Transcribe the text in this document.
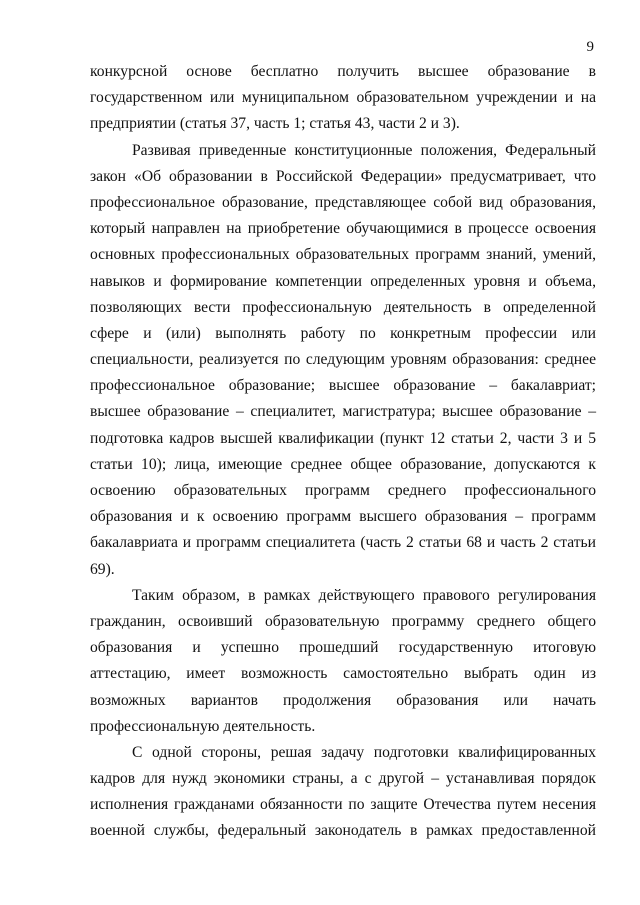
9
конкурсной основе бесплатно получить высшее образование в
государственном или муниципальном образовательном учреждении и на
предприятии (статья 37, часть 1; статья 43, части 2 и 3).
Развивая приведенные конституционные положения, Федеральный
закон «Об образовании в Российской Федерации» предусматривает, что
профессиональное образование, представляющее собой вид образования,
который направлен на приобретение обучающимися в процессе освоения
основных профессиональных образовательных программ знаний, умений,
навыков и формирование компетенции определенных уровня и объема,
позволяющих вести профессиональную деятельность в определенной
сфере и (или) выполнять работу по конкретным профессии или
специальности, реализуется по следующим уровням образования: среднее
профессиональное образование; высшее образование – бакалавриат;
высшее образование – специалитет, магистратура; высшее образование –
подготовка кадров высшей квалификации (пункт 12 статьи 2, части 3 и 5
статьи 10); лица, имеющие среднее общее образование, допускаются к
освоению образовательных программ среднего профессионального
образования и к освоению программ высшего образования – программ
бакалавриата и программ специалитета (часть 2 статьи 68 и часть 2 статьи
69).
Таким образом, в рамках действующего правового регулирования
гражданин, освоивший образовательную программу среднего общего
образования и успешно прошедший государственную итоговую
аттестацию, имеет возможность самостоятельно выбрать один из
возможных вариантов продолжения образования или начать
профессиональную деятельность.
С одной стороны, решая задачу подготовки квалифицированных
кадров для нужд экономики страны, а с другой – устанавливая порядок
исполнения гражданами обязанности по защите Отечества путем несения
военной службы, федеральный законодатель в рамках предоставленной
